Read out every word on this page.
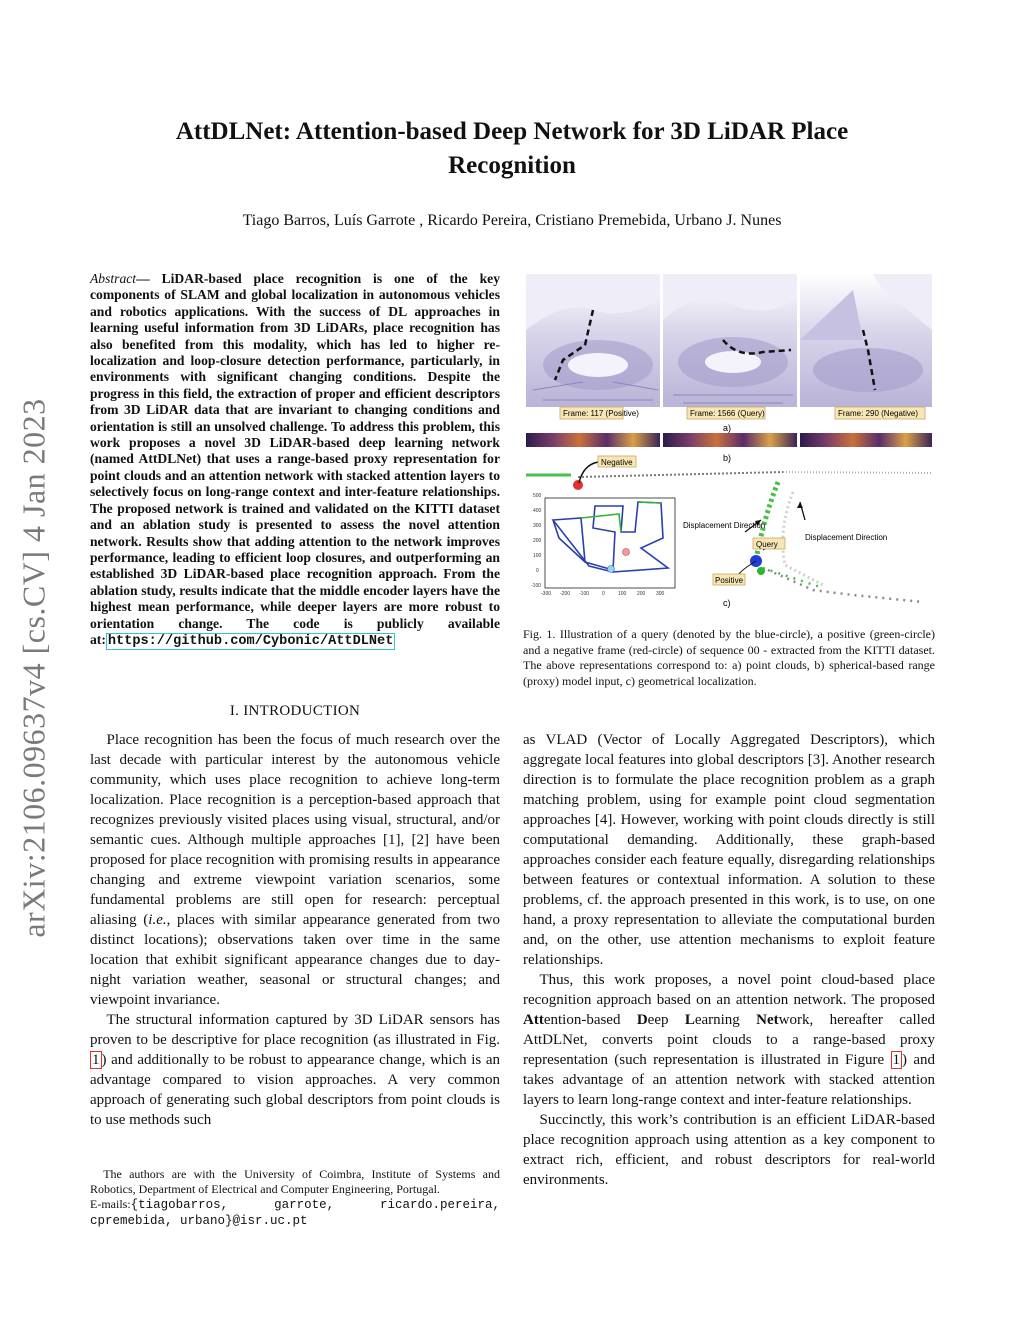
arXiv:2106.09637v4 [cs.CV] 4 Jan 2023
AttDLNet: Attention-based Deep Network for 3D LiDAR Place Recognition
Tiago Barros, Luís Garrote , Ricardo Pereira, Cristiano Premebida, Urbano J. Nunes
Abstract— LiDAR-based place recognition is one of the key components of SLAM and global localization in autonomous vehicles and robotics applications. With the success of DL approaches in learning useful information from 3D LiDARs, place recognition has also benefited from this modality, which has led to higher re-localization and loop-closure detection performance, particularly, in environments with significant changing conditions. Despite the progress in this field, the extraction of proper and efficient descriptors from 3D LiDAR data that are invariant to changing conditions and orientation is still an unsolved challenge. To address this problem, this work proposes a novel 3D LiDAR-based deep learning network (named AttDLNet) that uses a range-based proxy representation for point clouds and an attention network with stacked attention layers to selectively focus on long-range context and inter-feature relationships. The proposed network is trained and validated on the KITTI dataset and an ablation study is presented to assess the novel attention network. Results show that adding attention to the network improves performance, leading to efficient loop closures, and outperforming an established 3D LiDAR-based place recognition approach. From the ablation study, results indicate that the middle encoder layers have the highest mean performance, while deeper layers are more robust to orientation change. The code is publicly available at: https://github.com/Cybonic/AttDLNet
I. INTRODUCTION

Place recognition has been the focus of much research over the last decade with particular interest by the autonomous vehicle community, which uses place recognition to achieve long-term localization. Place recognition is a perception-based approach that recognizes previously visited places using visual, structural, and/or semantic cues. Although multiple approaches [1], [2] have been proposed for place recognition with promising results in appearance changing and extreme viewpoint variation scenarios, some fundamental problems are still open for research: perceptual aliasing (i.e., places with similar appearance generated from two distinct locations); observations taken over time in the same location that exhibit significant appearance changes due to day-night variation weather, seasonal or structural changes; and viewpoint invariance.

The structural information captured by 3D LiDAR sensors has proven to be descriptive for place recognition (as illustrated in Fig. 1 ) and additionally to be robust to appearance change, which is an advantage compared to vision approaches. A very common approach of generating such global descriptors from point clouds is to use methods such

The authors are with the University of Coimbra, Institute of Systems and Robotics, Department of Electrical and Computer Engineering, Portugal.
E-mails:{tiagobarros, garrote, ricardo.pereira, cpremebida, urbano}@isr.uc.pt
Frame: 117 (Positive)	Frame: 1566 (Query)	Frame: 290 (Negative)
a)
b)
Negative
500
400
300
200
100
0
-100
-300 -200 -100	0	100 200 300
Query
Positive
Displacement Direction
Displacement Direction
c)
Fig. 1. Illustration of a query (denoted by the blue-circle), a positive (green-circle) and a negative frame (red-circle) of sequence 00 - extracted from the KITTI dataset. The above representations correspond to: a) point clouds, b) spherical-based range (proxy) model input, c) geometrical localization.

as VLAD (Vector of Locally Aggregated Descriptors), which aggregate local features into global descriptors [3]. Another research direction is to formulate the place recognition problem as a graph matching problem, using for example point cloud segmentation approaches [4]. However, working with point clouds directly is still computational demanding. Additionally, these graph-based approaches consider each feature equally, disregarding relationships between features or contextual information. A solution to these problems, cf. the approach presented in this work, is to use, on one hand, a proxy representation to alleviate the computational burden and, on the other, use attention mechanisms to exploit feature relationships.

Thus, this work proposes, a novel point cloud-based place recognition approach based on an attention network. The proposed Attention-based Deep Learning Network, hereafter called AttDLNet, converts point clouds to a range-based proxy representation (such representation is illustrated in Figure 1 ) and takes advantage of an attention network with stacked attention layers to learn long-range context and inter-feature relationships.

Succinctly, this work’s contribution is an efficient LiDAR-based place recognition approach using attention as a key component to extract rich, efficient, and robust descriptors for real-world environments.
